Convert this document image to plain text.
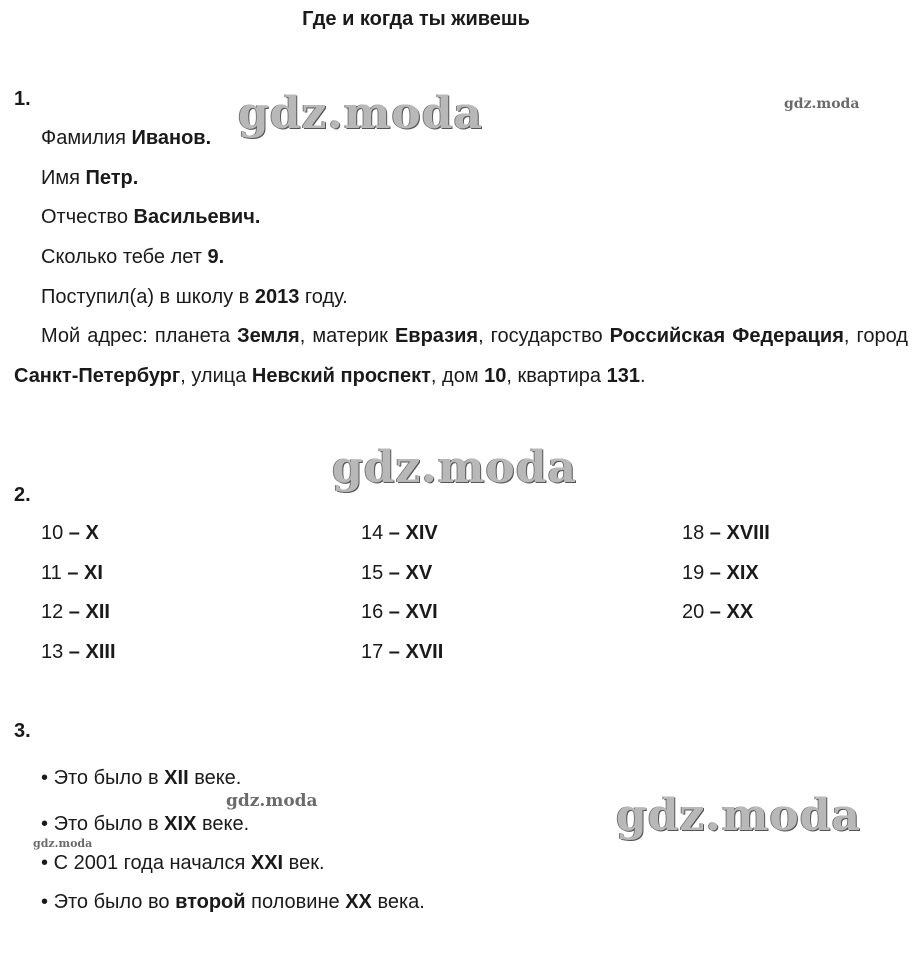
Где и когда ты живешь
1.
Фамилия Иванов.
Имя Петр.
Отчество Васильевич.
Сколько тебе лет 9.
Поступил(а) в школу в 2013 году.
Мой адрес: планета Земля, материк Евразия, государство Российская Федерация, город Санкт-Петербург, улица Невский проспект, дом 10, квартира 131.
2.
10 – X
11 – XI
12 – XII
13 – XIII
14 – XIV
15 – XV
16 – XVI
17 – XVII
18 – XVIII
19 – XIX
20 – XX
3.
• Это было в XII веке.
• Это было в XIX веке.
• С 2001 года начался XXI век.
• Это было во второй половине XX века.
gdz.moda	gdz.moda
gdz.moda
gdz.moda
gdz.moda
gdz.moda
